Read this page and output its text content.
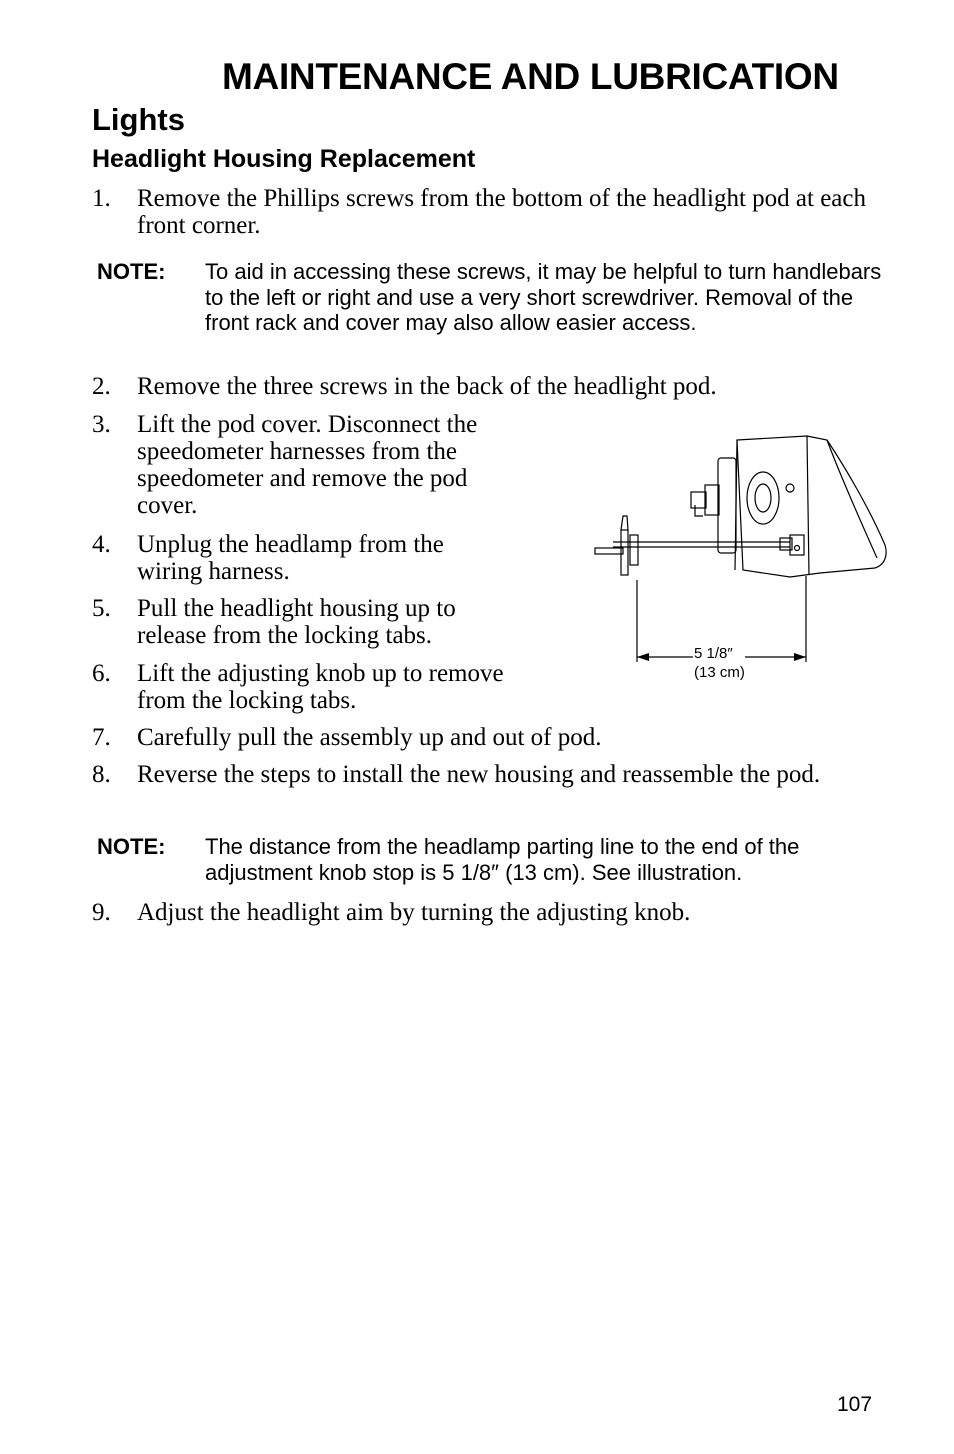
MAINTENANCE AND LUBRICATION
Lights
Headlight Housing Replacement
1.	Remove the Phillips screws from the bottom of the headlight pod at each front corner.
NOTE: To aid in accessing these screws, it may be helpful to turn handlebars to the left or right and use a very short screwdriver. Removal of the front rack and cover may also allow easier access.
2.	Remove the three screws in the back of the headlight pod.
3.	Lift the pod cover. Disconnect the speedometer harnesses from the speedometer and remove the pod cover.
4.	Unplug the headlamp from the wiring harness.
5.	Pull the headlight housing up to release from the locking tabs.
6.	Lift the adjusting knob up to remove from the locking tabs.
7.	Carefully pull the assembly up and out of pod.
8.	Reverse the steps to install the new housing and reassemble the pod.
NOTE: The distance from the headlamp parting line to the end of the adjustment knob stop is 5 1/8″ (13 cm). See illustration.
9.	Adjust the headlight aim by turning the adjusting knob.
5 1/8″
(13 cm)
107
